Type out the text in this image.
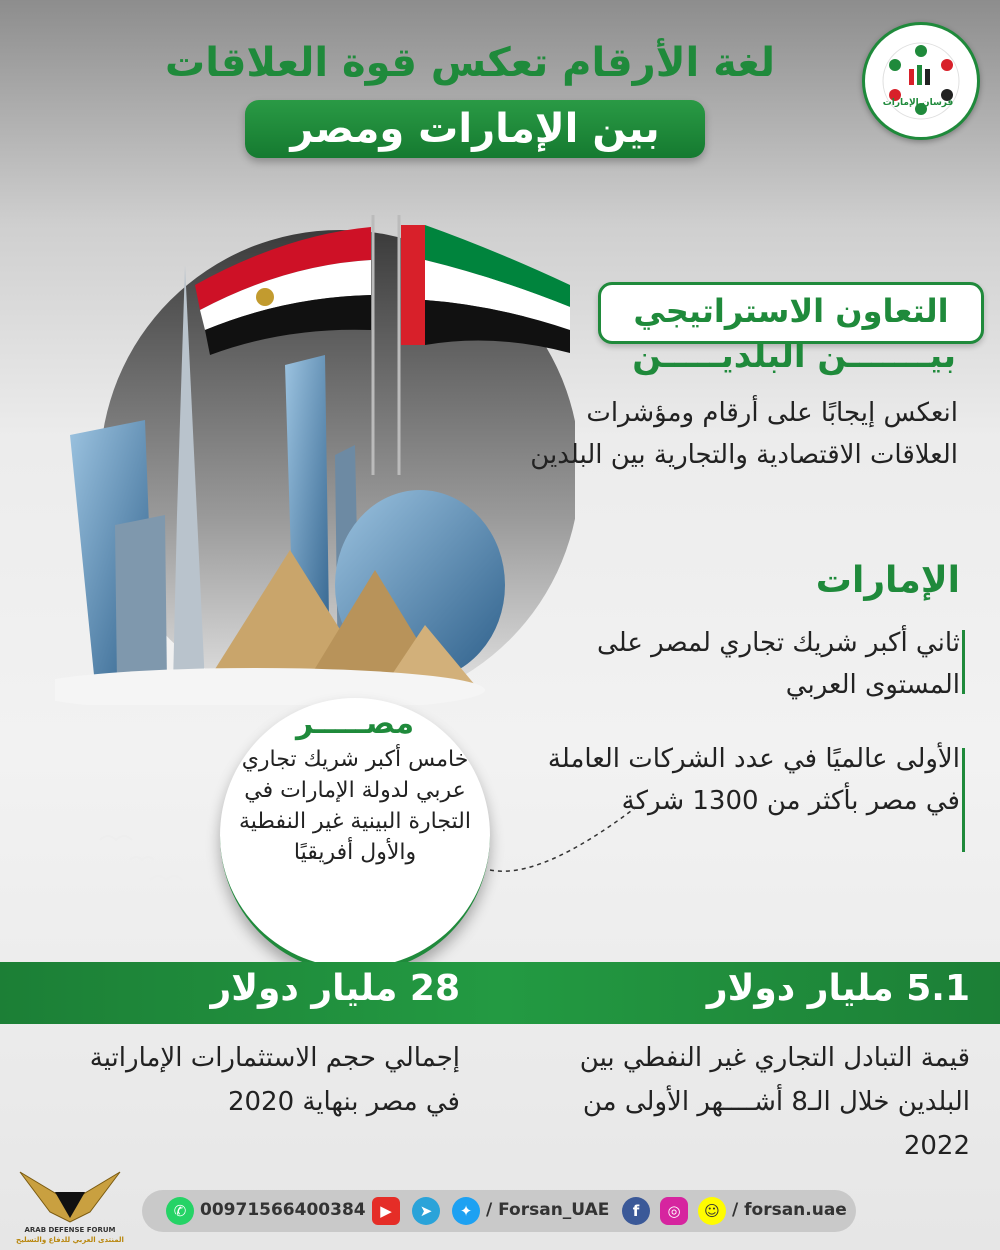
لغة الأرقام تعكس قوة العلاقات
بين الإمارات ومصر
فرسان الإمارات
التعاون الاستراتيجي
بيـــــــن البلديـــــن
انعكس إيجابًا على أرقام ومؤشرات العلاقات الاقتصادية والتجارية بين البلدين
الإمارات
ثاني أكبر شريك تجاري لمصر على المستوى العربي
الأولى عالميًا في عدد الشركات العاملة في مصر بأكثر من 1300 شركة
مصـــــر
خامس أكبر شريك تجاري عربي لدولة الإمارات في التجارة البينية غير النفطية والأول أفريقيًا
5.1 مليار دولار
28 مليار دولار
قيمة التبادل التجاري غير النفطي بين البلدين خلال الـ8 أشــــهر الأولى من 2022
إجمالي حجم الاستثمارات الإماراتية في مصر بنهاية 2020
✆ 00971566400384 ▶	➤	✦ / Forsan_UAE	f	◎	☺ / forsan.uae
ARAB DEFENSE FORUM
المنتدى العربي للدفاع والتسليح
